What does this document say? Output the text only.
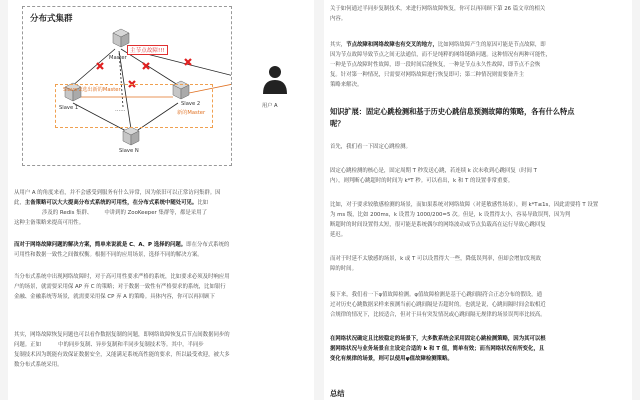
主节点故障!!!
Slave 2选出新的Master
Master
Slave 1
Slave 2
新的Master
……
Slave N
分布式集群
用户 A
从用户 A 的角度来看，并不会感受到服务有什么异常，因为依旧可以正常访问集群。因
此，主备策略可以大大提高分布式系统的可用性，在分布式系统中随处可见。比如
涉及的 Redis 集群、 中讲到的 ZooKeeper 集群等，都是采用了
这种主备策略来提高可用性。
而对于网络故障问题的解决方案，简单来说就是 C、A、P 选择的问题。即在分布式系统的
可用性和数据一致性之间做权衡。根据不同的应用场景，选择不同的解决方案。
当分布式系统中出现网络故障时，对于高可用性要求严格的系统，比如要求必须及时响应用
户的场景，就需要采用保 AP 弃 C 的策略；对于数据一致性有严格要求的系统，比如银行
金融、金融系统等场景，就需要采用保 CP 弃 A 的策略。具体内容，你可以再回顾下
其实，网络故障恢复问题也可以看作数据复制的问题，即网络故障恢复后节点间数据同步的
问题。正如	中的同步复制、异步复制和半同步复制技术等。其中，半同步
复制技术因为既能有效保证数据安全，又能满足系统高性能的要求，所以最受欢迎，被大多
数分布式系统采用。
关于如何通过半同步复制技术，来进行网络故障恢复，你可以再回顾下第 26 篇文章的相关
内容。
其实，节点故障和网络故障也有交叉的地方，比如网络故障产生的原因可能是节点故障，即
因为节点故障导致节点之间无法通信，而不是纯粹的网络链路问题。这种情况有两种可能性，
一种是节点故障时性故障，即一段时间后能恢复，一种是节点永久性故障，即节点不会恢
复。针对第一种情况，只需要对网络故障进行恢复即可；第二种情况则需要备升主
策略来解决。
知识扩展：固定心跳检测和基于历史心跳信息预测故障的策略，各有什么特点
呢？
首先，我们看一下固定心跳检测。
固定心跳检测的核心是，固定周期 T 秒发送心跳，若连续 k 次未收到心跳回复（时间 T
内），则判断心跳超时的时间为 k*T 秒。可以看出，k 和 T 的设置非常重要。
比如，对于要求较敏感检测的场景，而如果系统对网络故障（对延敏感性场景），则 k*T≤1s，因此需要将 T 设置
为 ms 级，比如 200ms，k 设置为 1000/200=5 次。但是，k 设置得太小，容易导致误判，因为判
断超时的时间设置得太短，很可能是系统偶尔的网络波动或节点负载高在运行导致心跳回复
延迟。
而对于时延不太敏感的场景，k 或 T 可以设置得大一些，降低误判率，但却会增加发现故
障的时间。
接下来，我们看一下φ值故障检测。φ值故障检测是基于心跳间隔符合正态分布的假设，通
过对历史心跳数据采样来预测当前心跳间隔是否超时的。也就是说，心跳间隔时间会取相近
合规律的情况下，比较适合，但对于具有突发情况或心跳间隔无规律的场景误判率比较高。
在网络状况确定且比较稳定的场景下，大多数系统会采用固定心跳检测策略，因为其可以根
据网络状况与业务场景自主设定合适的 k 和 T 值，简单有效；而当网络状况有所变化，且
变化有规律的场景，则可以使用φ值故障检测策略。
总结
